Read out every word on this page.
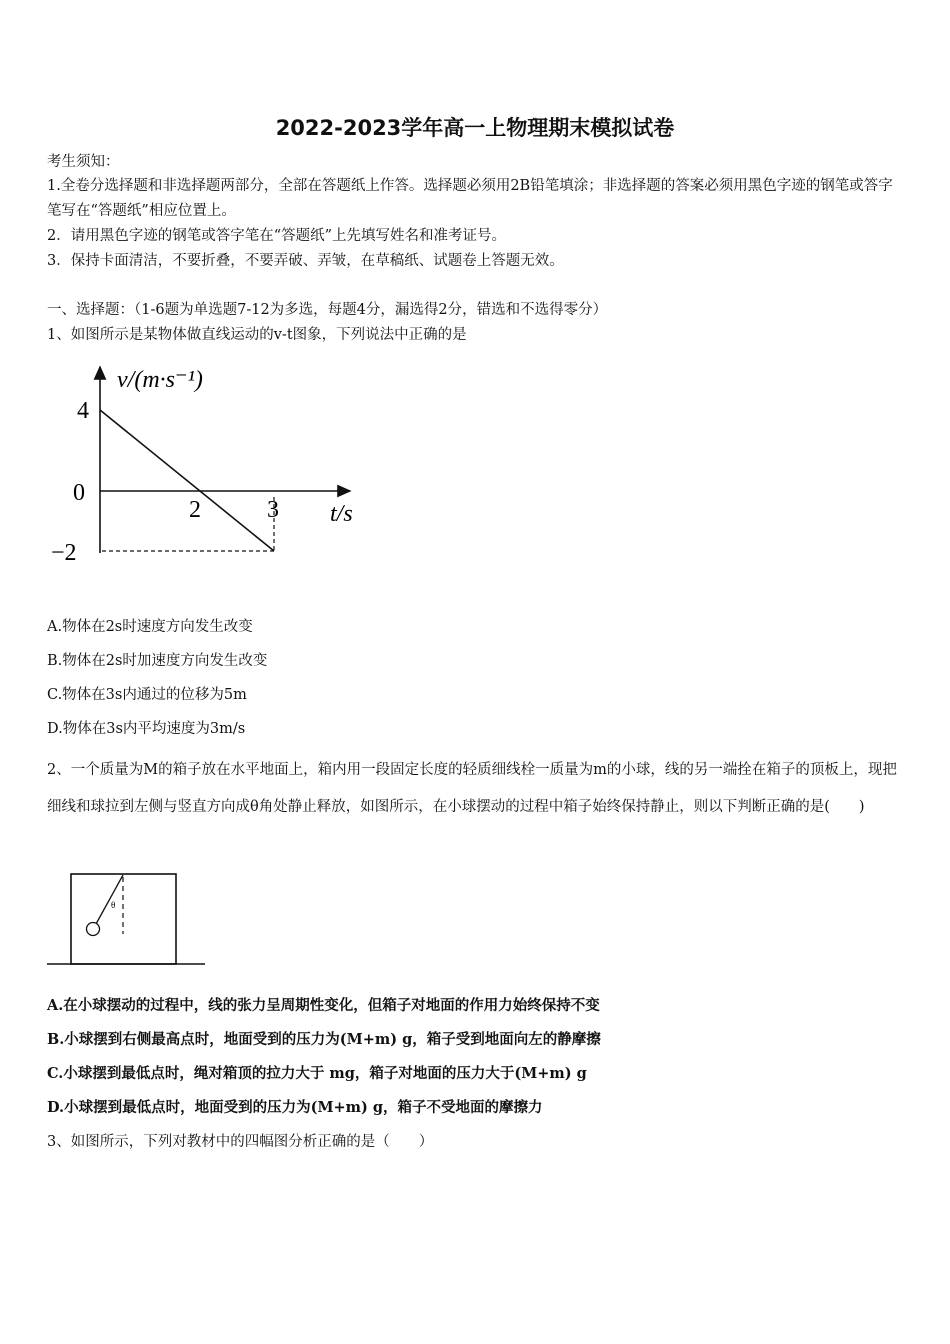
2022-2023学年高一上物理期末模拟试卷
考生须知：
1.全卷分选择题和非选择题两部分，全部在答题纸上作答。选择题必须用2B铅笔填涂；非选择题的答案必须用黑色字迹的钢笔或答字笔写在“答题纸”相应位置上。
2．请用黑色字迹的钢笔或答字笔在“答题纸”上先填写姓名和准考证号。
3．保持卡面清洁，不要折叠，不要弄破、弄皱，在草稿纸、试题卷上答题无效。
一、选择题：（1-6题为单选题7-12为多选，每题4分，漏选得2分，错选和不选得零分）
1、如图所示是某物体做直线运动的v-t图象，下列说法中正确的是
v/(m·s⁻¹)
4
0
−2
2	3 t/s
A.物体在2s时速度方向发生改变
B.物体在2s时加速度方向发生改变
C.物体在3s内通过的位移为5m
D.物体在3s内平均速度为3m/s
2、一个质量为M的箱子放在水平地面上，箱内用一段固定长度的轻质细线栓一质量为m的小球，线的另一端拴在箱子的顶板上，现把细线和球拉到左侧与竖直方向成θ角处静止释放，如图所示，在小球摆动的过程中箱子始终保持静止，则以下判断正确的是(　　)
θ
A.在小球摆动的过程中，线的张力呈周期性变化，但箱子对地面的作用力始终保持不变
B.小球摆到右侧最高点时，地面受到的压力为(M+m) g，箱子受到地面向左的静摩擦
C.小球摆到最低点时，绳对箱顶的拉力大于 mg，箱子对地面的压力大于(M+m) g
D.小球摆到最低点时，地面受到的压力为(M+m) g，箱子不受地面的摩擦力
3、如图所示，下列对教材中的四幅图分析正确的是（　　）
